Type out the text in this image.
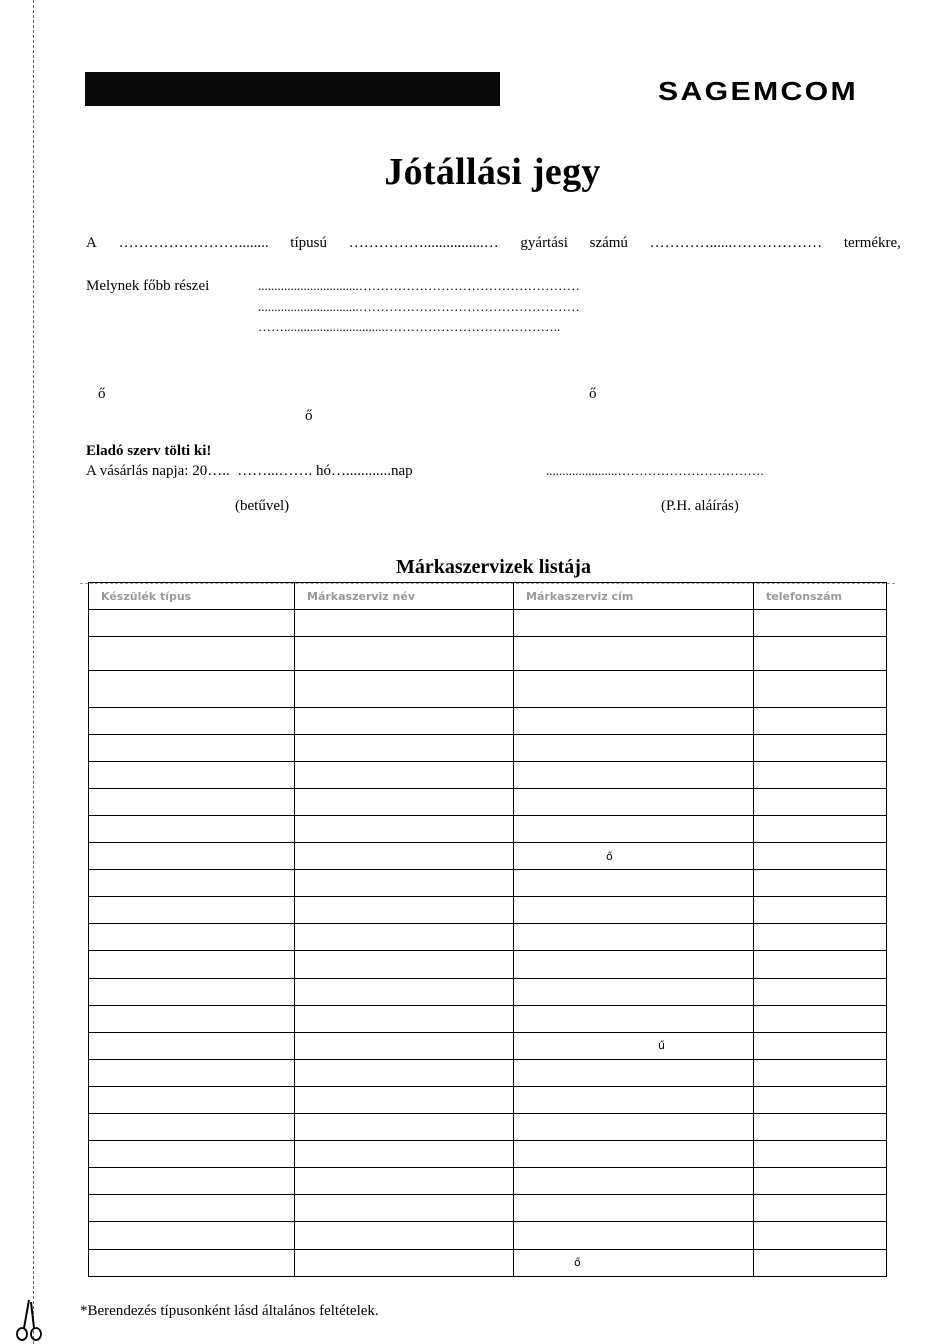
SAGEMCOM
Jótállási jegy
A ……………………........ típusú ……………................… gyártási számú …………......……………… termékre,
Melynek főbb részei	...............................……………………………………………
...............................……………………………………………
……...............................…………………………………..
ő	ő
ő
Eladó szerv tölti ki!
A vásárlás napja: 20…..  ……...……. hó…............nap	......................…………………………….
(betűvel)	(P.H. aláírás)
Márkaszervizek listája
Készülék típus	Márkaszerviz név	Márkaszerviz cím	telefonszám

		ő	

		ű	

		ő	
*Berendezés típusonként lásd általános feltételek.
